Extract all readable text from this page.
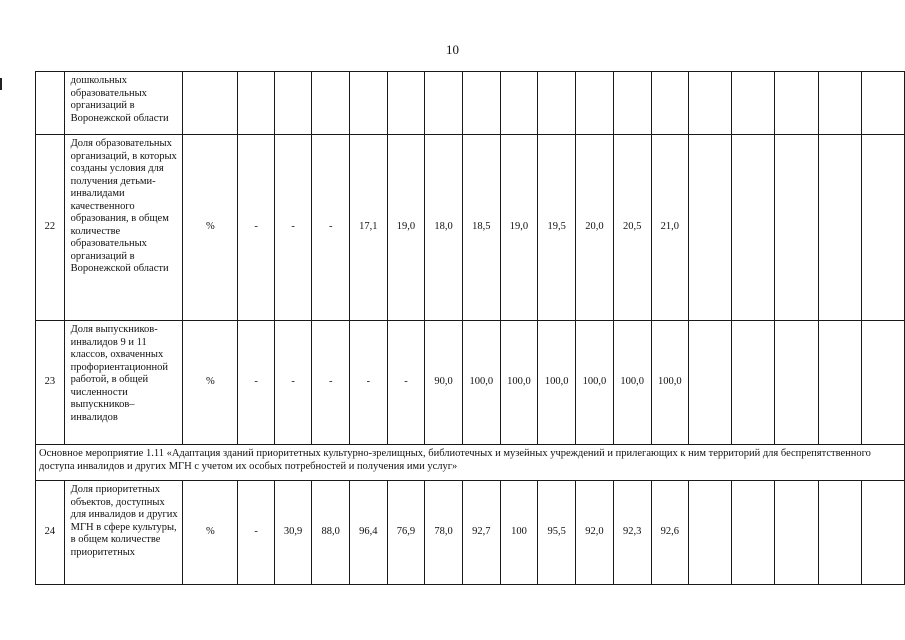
10
	дошкольных образовательных организаций в Воронежской области																		
22	Доля образовательных организаций, в которых созданы условия для получения детьми-инвалидами качественного образования, в общем количестве образовательных организаций в Воронежской области	%	-	-	-	17,1	19,0	18,0	18,5	19,0	19,5	20,0	20,5	21,0					
23	Доля выпускников-инвалидов 9 и 11 классов, охваченных профориентационной работой, в общей численности выпускников–инвалидов	%	-	-	-	-	-	90,0	100,0	100,0	100,0	100,0	100,0	100,0					
Основное мероприятие 1.11 «Адаптация зданий приоритетных культурно-зрелищных, библиотечных и музейных учреждений и прилегающих к ним территорий для беспрепятственного доступа инвалидов и других МГН с учетом их особых потребностей и получения ими услуг»																			
24	Доля приоритетных объектов, доступных для инвалидов и других МГН в сфере культуры, в общем количестве приоритетных	%	-	30,9	88,0	96,4	76,9	78,0	92,7	100	95,5	92,0	92,3	92,6					
